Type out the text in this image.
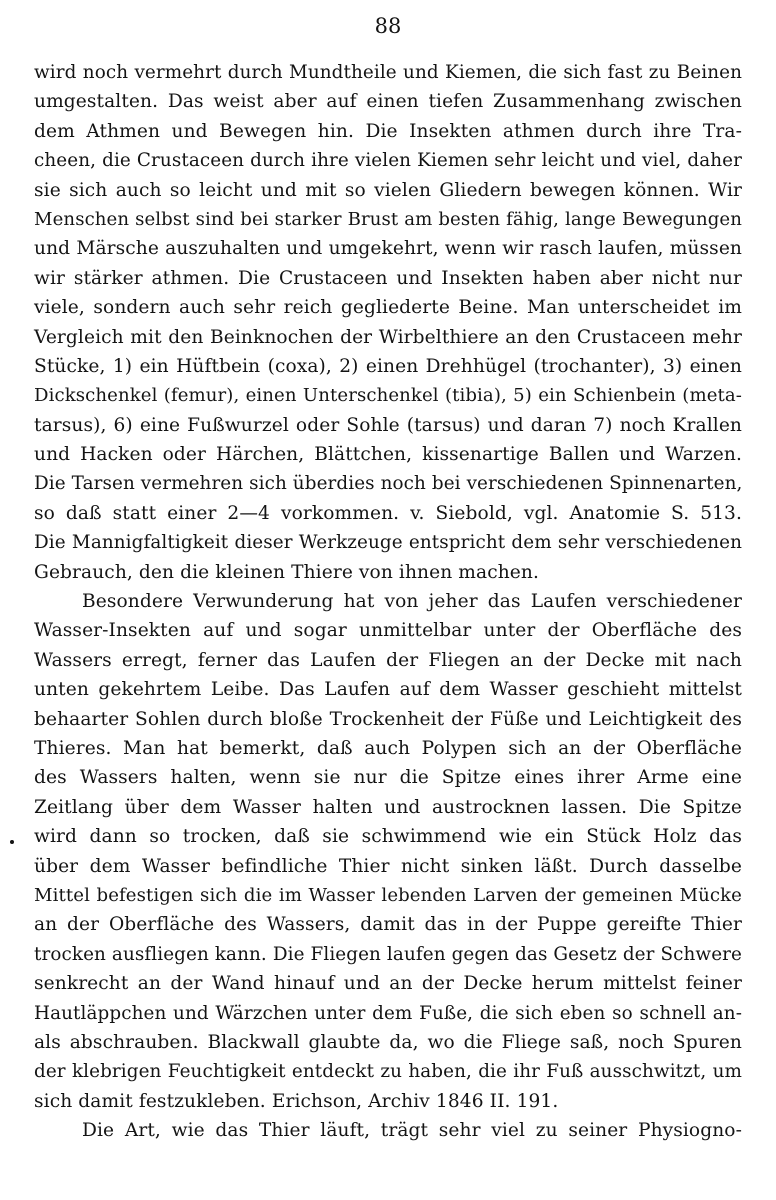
88
wird noch vermehrt durch Mundtheile und Kiemen, die sich fast zu Beinen
umgestalten. Das weist aber auf einen tiefen Zusammenhang zwischen
dem Athmen und Bewegen hin. Die Insekten athmen durch ihre Tra-
cheen, die Crustaceen durch ihre vielen Kiemen sehr leicht und viel, daher
sie sich auch so leicht und mit so vielen Gliedern bewegen können. Wir
Menschen selbst sind bei starker Brust am besten fähig, lange Bewegungen
und Märsche auszuhalten und umgekehrt, wenn wir rasch laufen, müssen
wir stärker athmen. Die Crustaceen und Insekten haben aber nicht nur
viele, sondern auch sehr reich gegliederte Beine. Man unterscheidet im
Vergleich mit den Beinknochen der Wirbelthiere an den Crustaceen mehr
Stücke, 1) ein Hüftbein (coxa), 2) einen Drehhügel (trochanter), 3) einen
Dickschenkel (femur), einen Unterschenkel (tibia), 5) ein Schienbein (meta-
tarsus), 6) eine Fußwurzel oder Sohle (tarsus) und daran 7) noch Krallen
und Hacken oder Härchen, Blättchen, kissenartige Ballen und Warzen.
Die Tarsen vermehren sich überdies noch bei verschiedenen Spinnenarten,
so daß statt einer 2—4 vorkommen. v. Siebold, vgl. Anatomie S. 513.
Die Mannigfaltigkeit dieser Werkzeuge entspricht dem sehr verschiedenen
Gebrauch, den die kleinen Thiere von ihnen machen.
Besondere Verwunderung hat von jeher das Laufen verschiedener
Wasser-Insekten auf und sogar unmittelbar unter der Oberfläche des
Wassers erregt, ferner das Laufen der Fliegen an der Decke mit nach
unten gekehrtem Leibe. Das Laufen auf dem Wasser geschieht mittelst
behaarter Sohlen durch bloße Trockenheit der Füße und Leichtigkeit des
Thieres. Man hat bemerkt, daß auch Polypen sich an der Oberfläche
des Wassers halten, wenn sie nur die Spitze eines ihrer Arme eine
Zeitlang über dem Wasser halten und austrocknen lassen. Die Spitze
wird dann so trocken, daß sie schwimmend wie ein Stück Holz das
über dem Wasser befindliche Thier nicht sinken läßt. Durch dasselbe
Mittel befestigen sich die im Wasser lebenden Larven der gemeinen Mücke
an der Oberfläche des Wassers, damit das in der Puppe gereifte Thier
trocken ausfliegen kann. Die Fliegen laufen gegen das Gesetz der Schwere
senkrecht an der Wand hinauf und an der Decke herum mittelst feiner
Hautläppchen und Wärzchen unter dem Fuße, die sich eben so schnell an-
als abschrauben. Blackwall glaubte da, wo die Fliege saß, noch Spuren
der klebrigen Feuchtigkeit entdeckt zu haben, die ihr Fuß ausschwitzt, um
sich damit festzukleben. Erichson, Archiv 1846 II. 191.
Die Art, wie das Thier läuft, trägt sehr viel zu seiner Physiogno-
